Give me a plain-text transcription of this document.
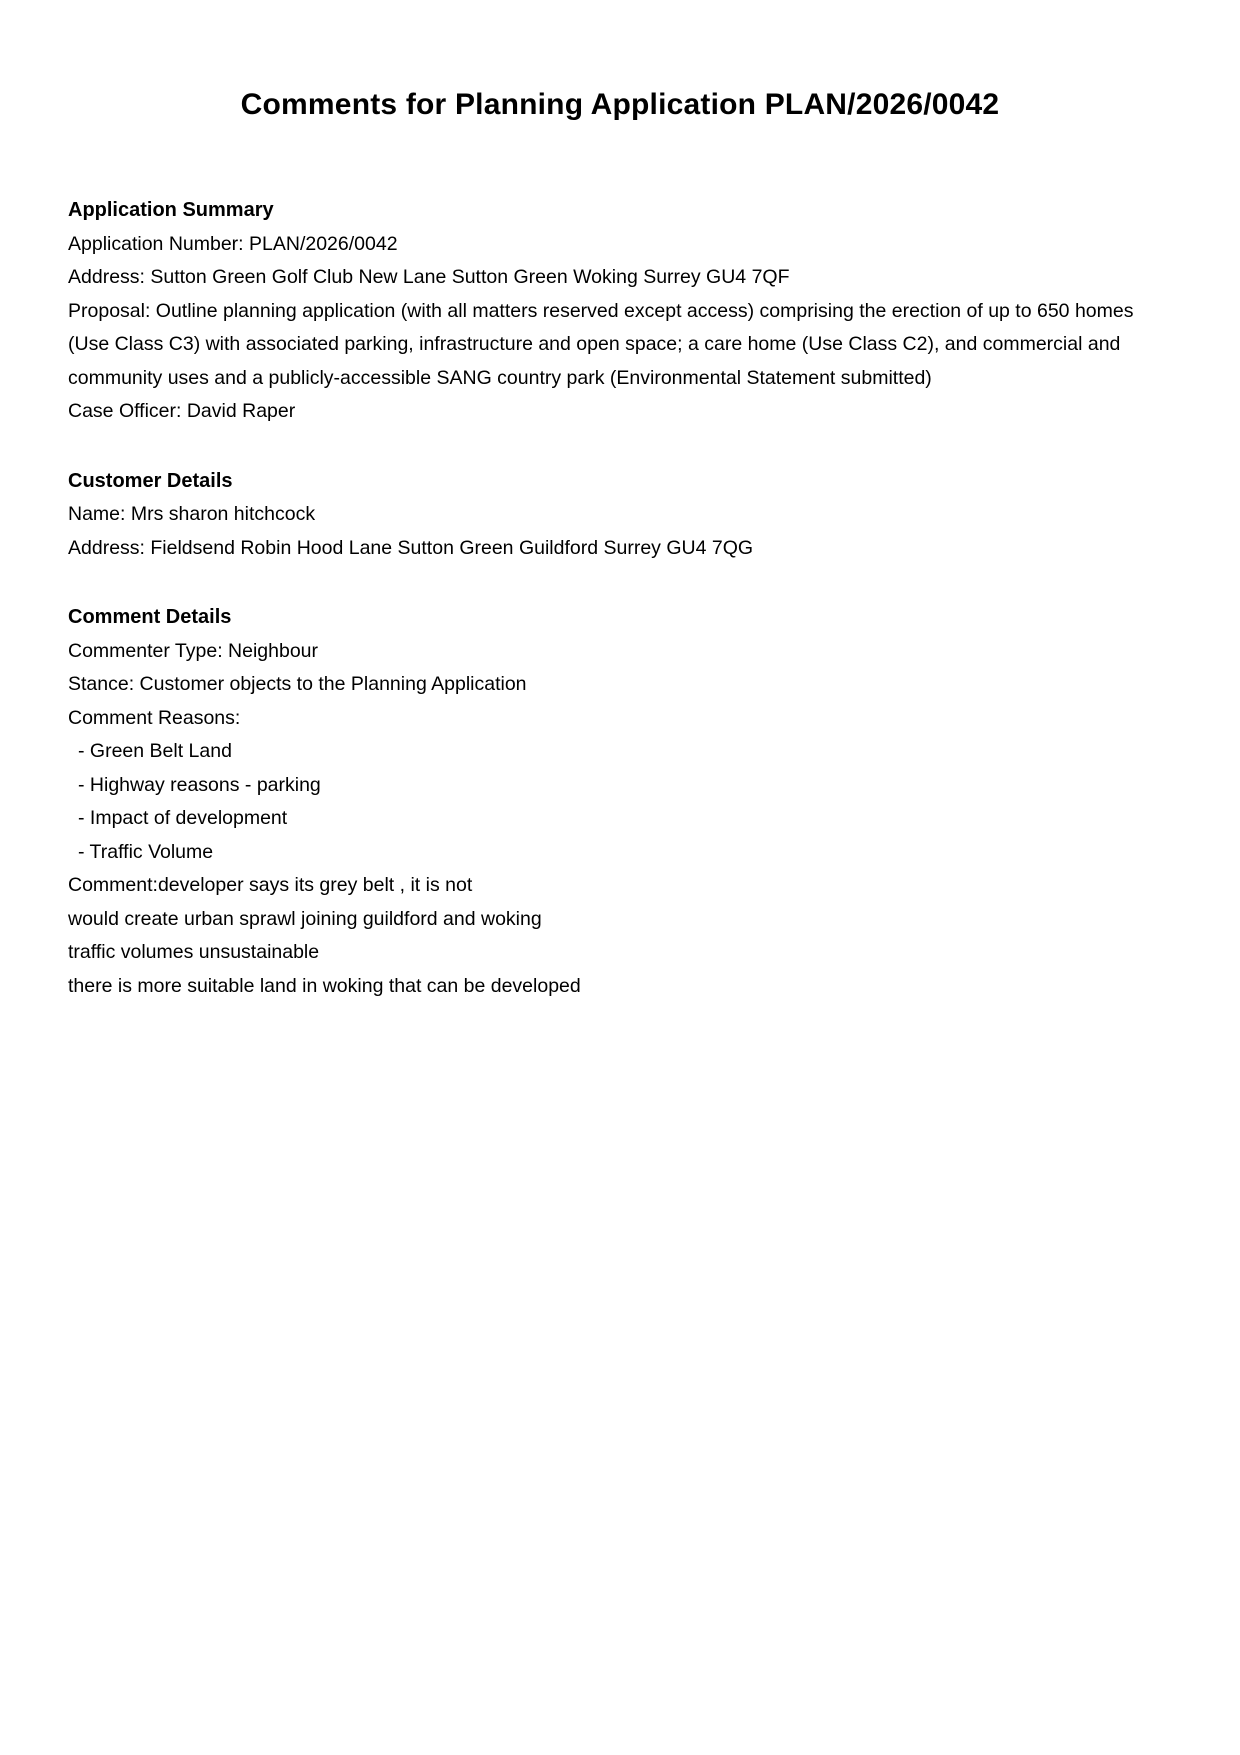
Comments for Planning Application PLAN/2026/0042
Application Summary
Application Number: PLAN/2026/0042
Address: Sutton Green Golf Club New Lane Sutton Green Woking Surrey GU4 7QF
Proposal: Outline planning application (with all matters reserved except access) comprising the erection of up to 650 homes (Use Class C3) with associated parking, infrastructure and open space; a care home (Use Class C2), and commercial and community uses and a publicly-accessible SANG country park (Environmental Statement submitted)
Case Officer: David Raper
Customer Details
Name: Mrs sharon hitchcock
Address: Fieldsend Robin Hood Lane Sutton Green Guildford Surrey GU4 7QG
Comment Details
Commenter Type: Neighbour
Stance: Customer objects to the Planning Application
Comment Reasons:
- Green Belt Land
- Highway reasons - parking
- Impact of development
- Traffic Volume
Comment:developer says its grey belt , it is not
would create urban sprawl joining guildford and woking
traffic volumes unsustainable
there is more suitable land in woking that can be developed
